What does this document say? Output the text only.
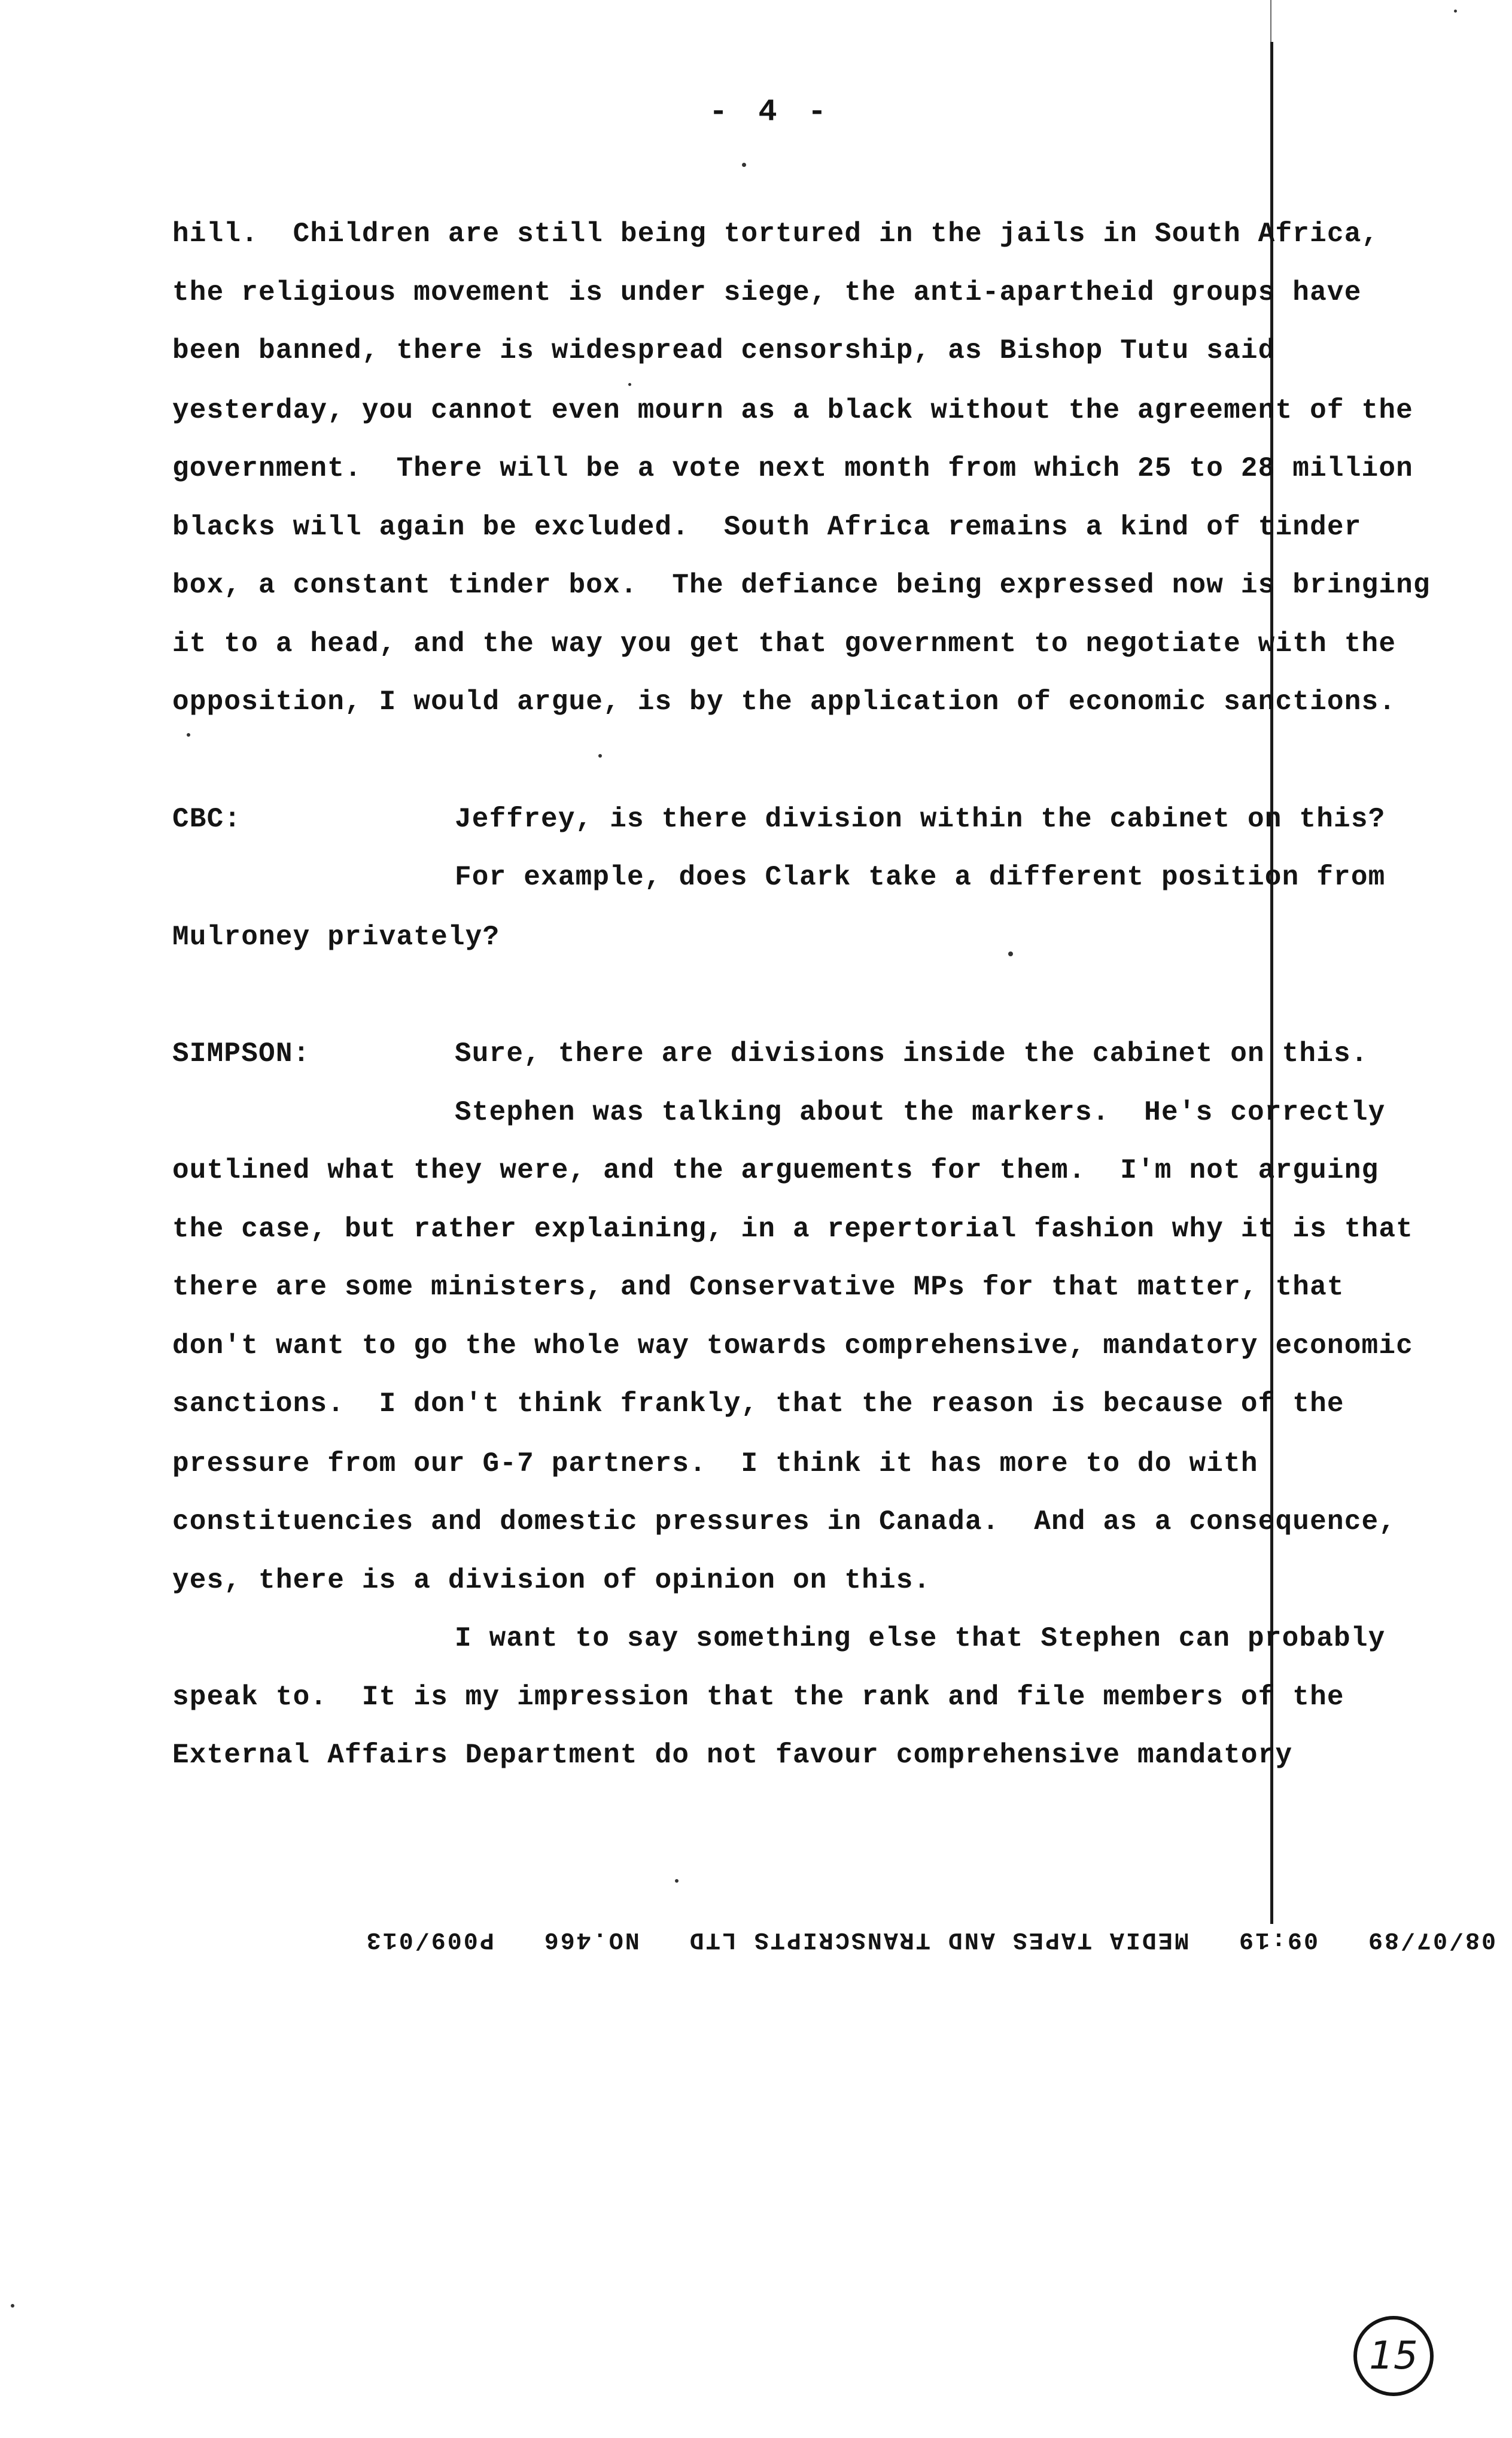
- 4 -
hill.  Children are still being tortured in the jails in South Africa,
the religious movement is under siege, the anti-apartheid groups have
been banned, there is widespread censorship, as Bishop Tutu said
yesterday, you cannot even mourn as a black without the agreement of the
government.  There will be a vote next month from which 25 to 28 million
blacks will again be excluded.  South Africa remains a kind of tinder
box, a constant tinder box.  The defiance being expressed now is bringing
it to a head, and the way you get that government to negotiate with the
opposition, I would argue, is by the application of economic sanctions.
CBC:	Jeffrey, is there division within the cabinet on this?
For example, does Clark take a different position from
Mulroney privately?
SIMPSON:	Sure, there are divisions inside the cabinet on this.
Stephen was talking about the markers.  He's correctly
outlined what they were, and the arguements for them.  I'm not arguing
the case, but rather explaining, in a repertorial fashion why it is that
there are some ministers, and Conservative MPs for that matter, that
don't want to go the whole way towards comprehensive, mandatory economic
sanctions.  I don't think frankly, that the reason is because of the
pressure from our G-7 partners.  I think it has more to do with
constituencies and domestic pressures in Canada.  And as a consequence,
yes, there is a division of opinion on this.
I want to say something else that Stephen can probably
speak to.  It is my impression that the rank and file members of the
External Affairs Department do not favour comprehensive mandatory
08/07/89   09:19   MEDIA TAPES AND TRANSCRIPTS LTD   NO.466   P009/013
15
